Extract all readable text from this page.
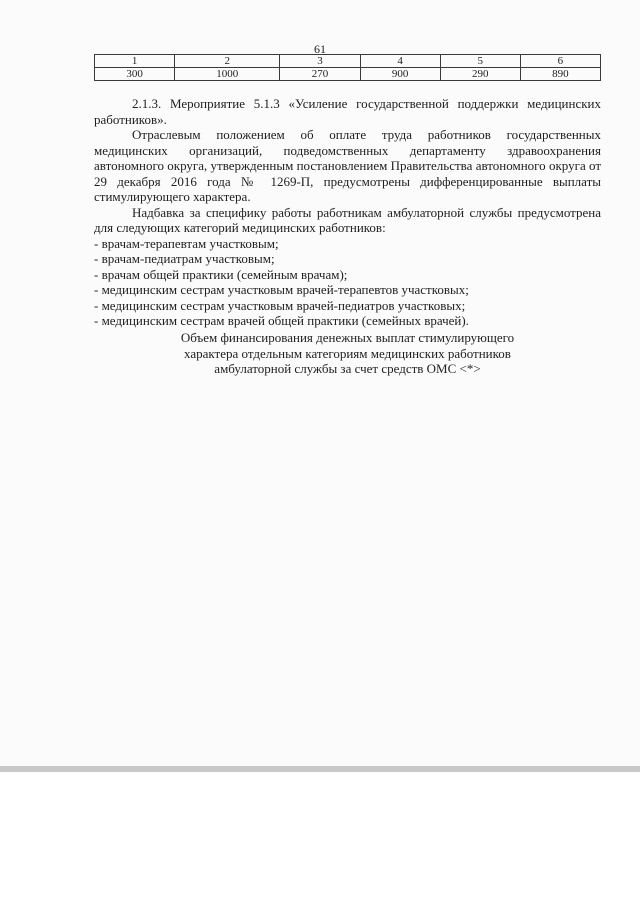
61
1	2	3	4	5	6
300	1000	270	900	290	890

2.1.3. Мероприятие 5.1.3 «Усиление государственной поддержки медицинских работников».

Отраслевым положением об оплате труда работников государственных медицинских организаций, подведомственных департаменту здравоохранения автономного округа, утвержденным постановлением Правительства автономного округа от 29 декабря 2016 года № 1269-П, предусмотрены дифференцированные выплаты стимулирующего характера.

Надбавка за специфику работы работникам амбулаторной службы предусмотрена для следующих категорий медицинских работников:

- врачам-терапевтам участковым;
- врачам-педиатрам участковым;
- врачам общей практики (семейным врачам);
- медицинским сестрам участковым врачей-терапевтов участковых;
- медицинским сестрам участковым врачей-педиатров участковых;
- медицинским сестрам врачей общей практики (семейных врачей).
Объем финансирования денежных выплат стимулирующего
характера отдельным категориям медицинских работников
амбулаторной службы за счет средств ОМС <*>
